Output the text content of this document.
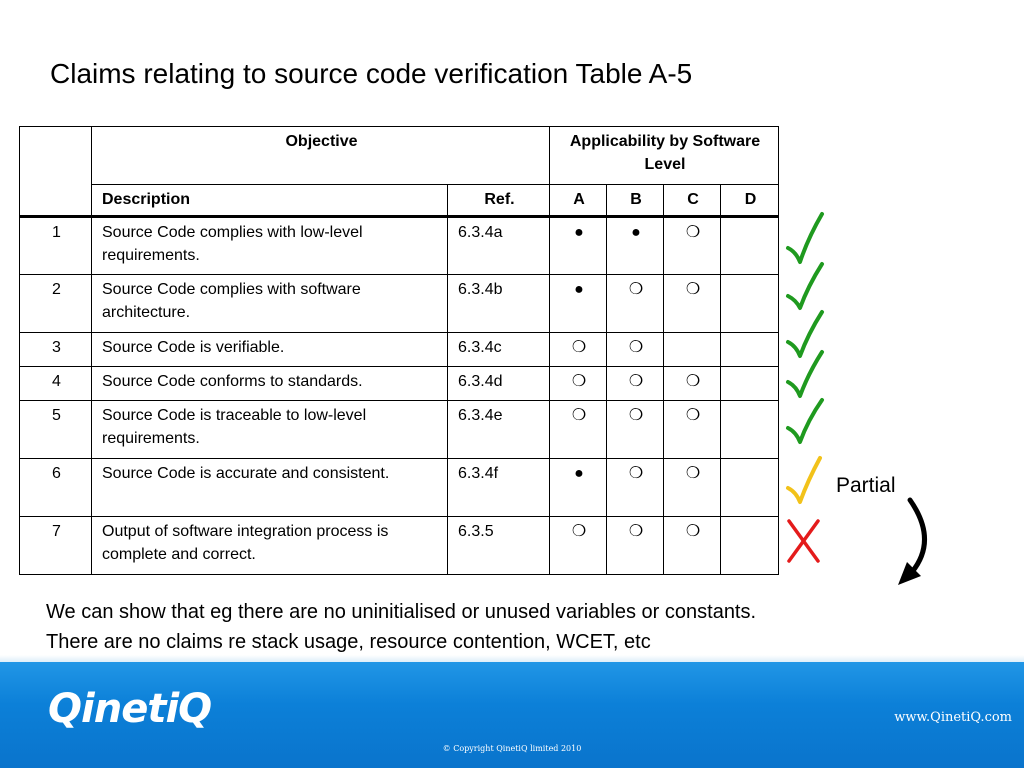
Claims relating to source code verification Table A-5
	Objective		Applicability by Software Level			
	Description	Ref.	A	B	C	D
1	Source Code complies with low-level requirements.	6.3.4a	●	●	❍	
2	Source Code complies with software architecture.	6.3.4b	●	❍	❍	
3	Source Code is verifiable.	6.3.4c	❍	❍		
4	Source Code conforms to standards.	6.3.4d	❍	❍	❍	
5	Source Code is traceable to low-level requirements.	6.3.4e	❍	❍	❍	
6	Source Code is accurate and consistent.	6.3.4f	●	❍	❍	
7	Output of software integration process is complete and correct.	6.3.5	❍	❍	❍	
Partial
We can show that eg there are no uninitialised or unused variables or constants.
There are no claims re stack usage, resource contention, WCET, etc
QinetiQ	www.QinetiQ.com
© Copyright QinetiQ limited 2010
